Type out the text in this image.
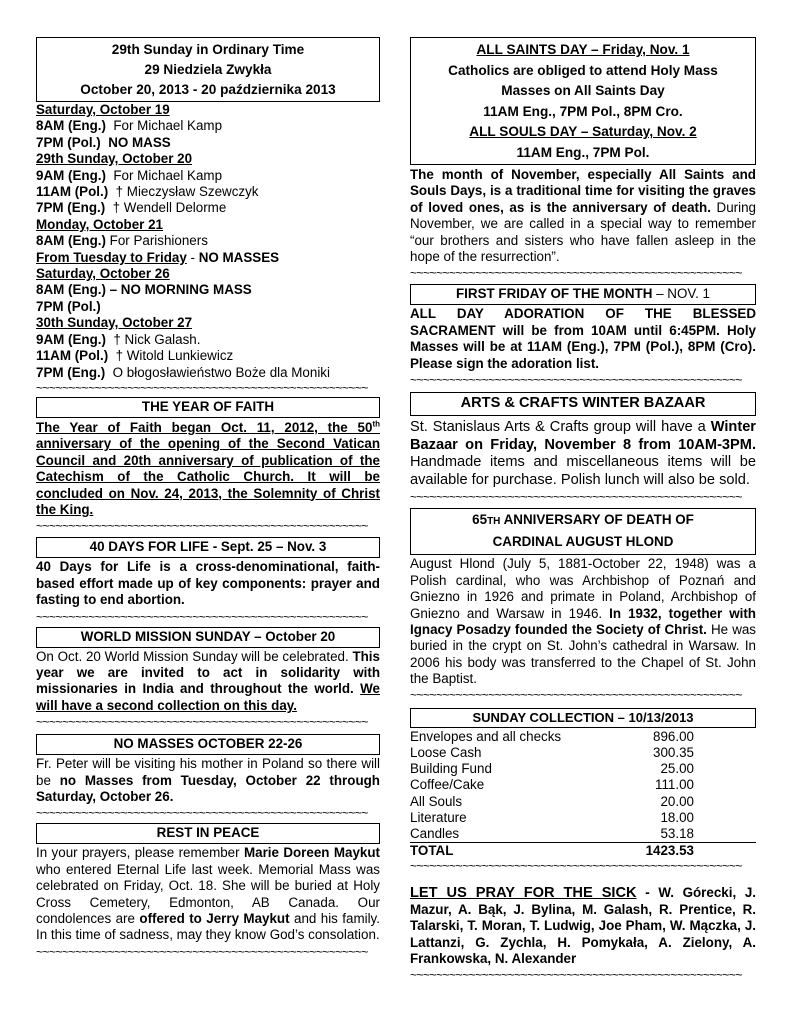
29th Sunday in Ordinary Time
29 Niedziela Zwykła
October 20, 2013 - 20 października 2013
Saturday, October 19
8AM (Eng.) For Michael Kamp
7PM (Pol.) NO MASS
29th Sunday, October 20
9AM (Eng.) For Michael Kamp
11AM (Pol.) † Mieczysław Szewczyk
7PM (Eng.) † Wendell Delorme
Monday, October 21
8AM (Eng.) For Parishioners
From Tuesday to Friday - NO MASSES
Saturday, October 26
8AM (Eng.) – NO MORNING MASS
7PM (Pol.)
30th Sunday, October 27
9AM (Eng.) † Nick Galash.
11AM (Pol.) † Witold Lunkiewicz
7PM (Eng.) O błogosławieństwo Boże dla Moniki
~~~~~~~~~~~~~~~~~~~~~~~~~~~~~~~~~~~~~~~~~~~~~~~~~~~
THE YEAR OF FAITH
The Year of Faith began Oct. 11, 2012, the 50th anniversary of the opening of the Second Vatican Council and 20th anniversary of publication of the Catechism of the Catholic Church. It will be concluded on Nov. 24, 2013, the Solemnity of Christ the King.
~~~~~~~~~~~~~~~~~~~~~~~~~~~~~~~~~~~~~~~~~~~~~~~~~~~
40 DAYS FOR LIFE - Sept. 25 – Nov. 3
40 Days for Life is a cross-denominational, faith-based effort made up of key components: prayer and fasting to end abortion.
~~~~~~~~~~~~~~~~~~~~~~~~~~~~~~~~~~~~~~~~~~~~~~~~~~~
WORLD MISSION SUNDAY – October 20
On Oct. 20 World Mission Sunday will be celebrated. This year we are invited to act in solidarity with missionaries in India and throughout the world. We will have a second collection on this day.
~~~~~~~~~~~~~~~~~~~~~~~~~~~~~~~~~~~~~~~~~~~~~~~~~~~
NO MASSES OCTOBER 22-26
Fr. Peter will be visiting his mother in Poland so there will be no Masses from Tuesday, October 22 through Saturday, October 26.
~~~~~~~~~~~~~~~~~~~~~~~~~~~~~~~~~~~~~~~~~~~~~~~~~~~
REST IN PEACE
In your prayers, please remember Marie Doreen Maykut who entered Eternal Life last week. Memorial Mass was celebrated on Friday, Oct. 18. She will be buried at Holy Cross Cemetery, Edmonton, AB Canada. Our condolences are offered to Jerry Maykut and his family. In this time of sadness, may they know God’s consolation.
~~~~~~~~~~~~~~~~~~~~~~~~~~~~~~~~~~~~~~~~~~~~~~~~~~~
ALL SAINTS DAY – Friday, Nov. 1
Catholics are obliged to attend Holy Mass
Masses on All Saints Day
11AM Eng., 7PM Pol., 8PM Cro.
ALL SOULS DAY – Saturday, Nov. 2
11AM Eng., 7PM Pol.
The month of November, especially All Saints and Souls Days, is a traditional time for visiting the graves of loved ones, as is the anniversary of death. During November, we are called in a special way to remember “our brothers and sisters who have fallen asleep in the hope of the resurrection”.
~~~~~~~~~~~~~~~~~~~~~~~~~~~~~~~~~~~~~~~~~~~~~~~~~~~
FIRST FRIDAY OF THE MONTH – NOV. 1
ALL DAY ADORATION OF THE BLESSED SACRAMENT will be from 10AM until 6:45PM. Holy Masses will be at 11AM (Eng.), 7PM (Pol.), 8PM (Cro). Please sign the adoration list.
~~~~~~~~~~~~~~~~~~~~~~~~~~~~~~~~~~~~~~~~~~~~~~~~~~~
ARTS & CRAFTS WINTER BAZAAR
St. Stanislaus Arts & Crafts group will have a Winter Bazaar on Friday, November 8 from 10AM-3PM. Handmade items and miscellaneous items will be available for purchase. Polish lunch will also be sold.
~~~~~~~~~~~~~~~~~~~~~~~~~~~~~~~~~~~~~~~~~~~~~~~~~~~
65TH ANNIVERSARY OF DEATH OF
CARDINAL AUGUST HLOND
August Hlond (July 5, 1881-October 22, 1948) was a Polish cardinal, who was Archbishop of Poznań and Gniezno in 1926 and primate in Poland, Archbishop of Gniezno and Warsaw in 1946. In 1932, together with Ignacy Posadzy founded the Society of Christ. He was buried in the crypt on St. John’s cathedral in Warsaw. In 2006 his body was transferred to the Chapel of St. John the Baptist.
~~~~~~~~~~~~~~~~~~~~~~~~~~~~~~~~~~~~~~~~~~~~~~~~~~~
SUNDAY COLLECTION – 10/13/2013
Envelopes and all checks	896.00
Loose Cash	300.35
Building Fund	25.00
Coffee/Cake	111.00
All Souls	20.00
Literature	18.00
Candles	53.18
TOTAL	1423.53
~~~~~~~~~~~~~~~~~~~~~~~~~~~~~~~~~~~~~~~~~~~~~~~~~~~
LET US PRAY FOR THE SICK - W. Górecki, J. Mazur, A. Bąk, J. Bylina, M. Galash, R. Prentice, R. Talarski, T. Moran, T. Ludwig, Joe Pham, W. Mączka, J. Lattanzi, G. Zychla, H. Pomykała, A. Zielony, A. Frankowska, N. Alexander
~~~~~~~~~~~~~~~~~~~~~~~~~~~~~~~~~~~~~~~~~~~~~~~~~~~
